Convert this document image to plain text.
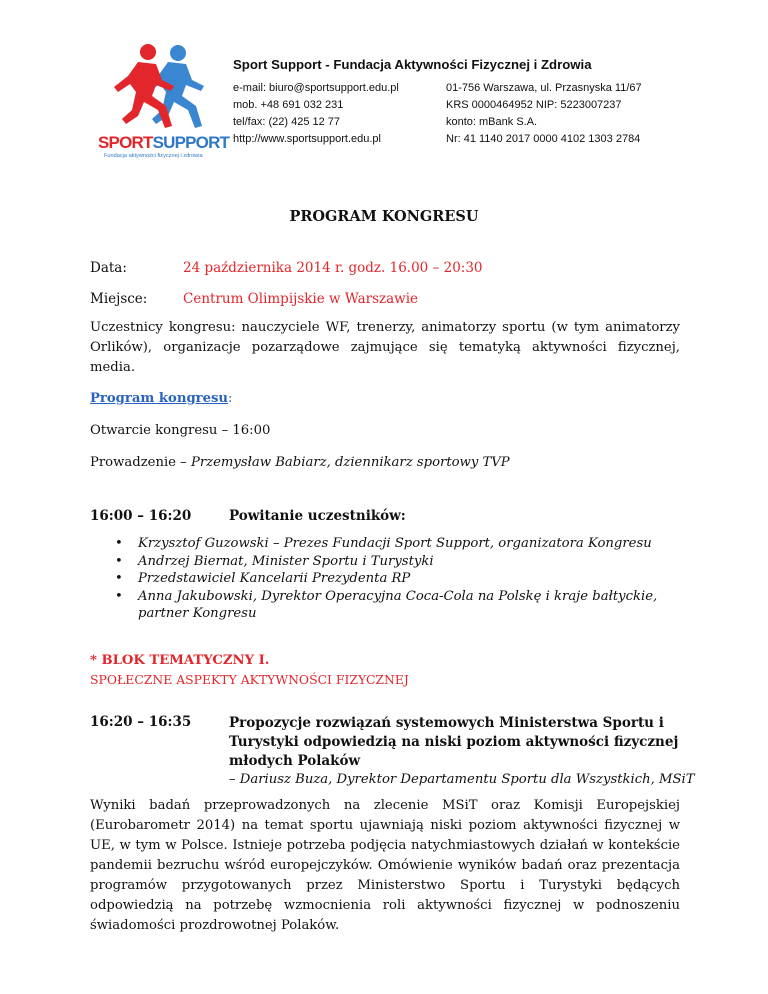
SPORTSUPPORT
Fundacja aktywności fizycznej i zdrowia
Sport Support - Fundacja Aktywności Fizycznej i Zdrowia
e-mail: biuro@sportsupport.edu.pl
mob. +48 691 032 231
tel/fax: (22) 425 12 77
http://www.sportsupport.edu.pl
01-756 Warszawa, ul. Przasnyska 11/67
KRS 0000464952 NIP: 5223007237
konto: mBank S.A.
Nr: 41 1140 2017 0000 4102 1303 2784
PROGRAM KONGRESU
Data:	24 października 2014 r. godz. 16.00 – 20:30
Miejsce:	Centrum Olimpijskie w Warszawie
Uczestnicy kongresu: nauczyciele WF, trenerzy, animatorzy sportu (w tym animatorzy Orlików), organizacje pozarządowe zajmujące się tematyką aktywności fizycznej, media.
Program kongresu:
Otwarcie kongresu – 16:00
Prowadzenie – Przemysław Babiarz, dziennikarz sportowy TVP
16:00 – 16:20	Powitanie uczestników:
• Krzysztof Guzowski – Prezes Fundacji Sport Support, organizatora Kongresu
• Andrzej Biernat, Minister Sportu i Turystyki
• Przedstawiciel Kancelarii Prezydenta RP
• Anna Jakubowski, Dyrektor Operacyjna Coca-Cola na Polskę i kraje bałtyckie, partner Kongresu
* BLOK TEMATYCZNY I.
SPOŁECZNE ASPEKTY AKTYWNOŚCI FIZYCZNEJ
16:20 – 16:35	Propozycje rozwiązań systemowych Ministerstwa Sportu i Turystyki odpowiedzią na niski poziom aktywności fizycznej młodych Polaków
– Dariusz Buza, Dyrektor Departamentu Sportu dla Wszystkich, MSiT
Wyniki badań przeprowadzonych na zlecenie MSiT oraz Komisji Europejskiej (Eurobarometr 2014) na temat sportu ujawniają niski poziom aktywności fizycznej w UE, w tym w Polsce. Istnieje potrzeba podjęcia natychmiastowych działań w kontekście pandemii bezruchu wśród europejczyków. Omówienie wyników badań oraz prezentacja programów przygotowanych przez Ministerstwo Sportu i Turystyki będących odpowiedzią na potrzebę wzmocnienia roli aktywności fizycznej w podnoszeniu świadomości prozdrowotnej Polaków.
